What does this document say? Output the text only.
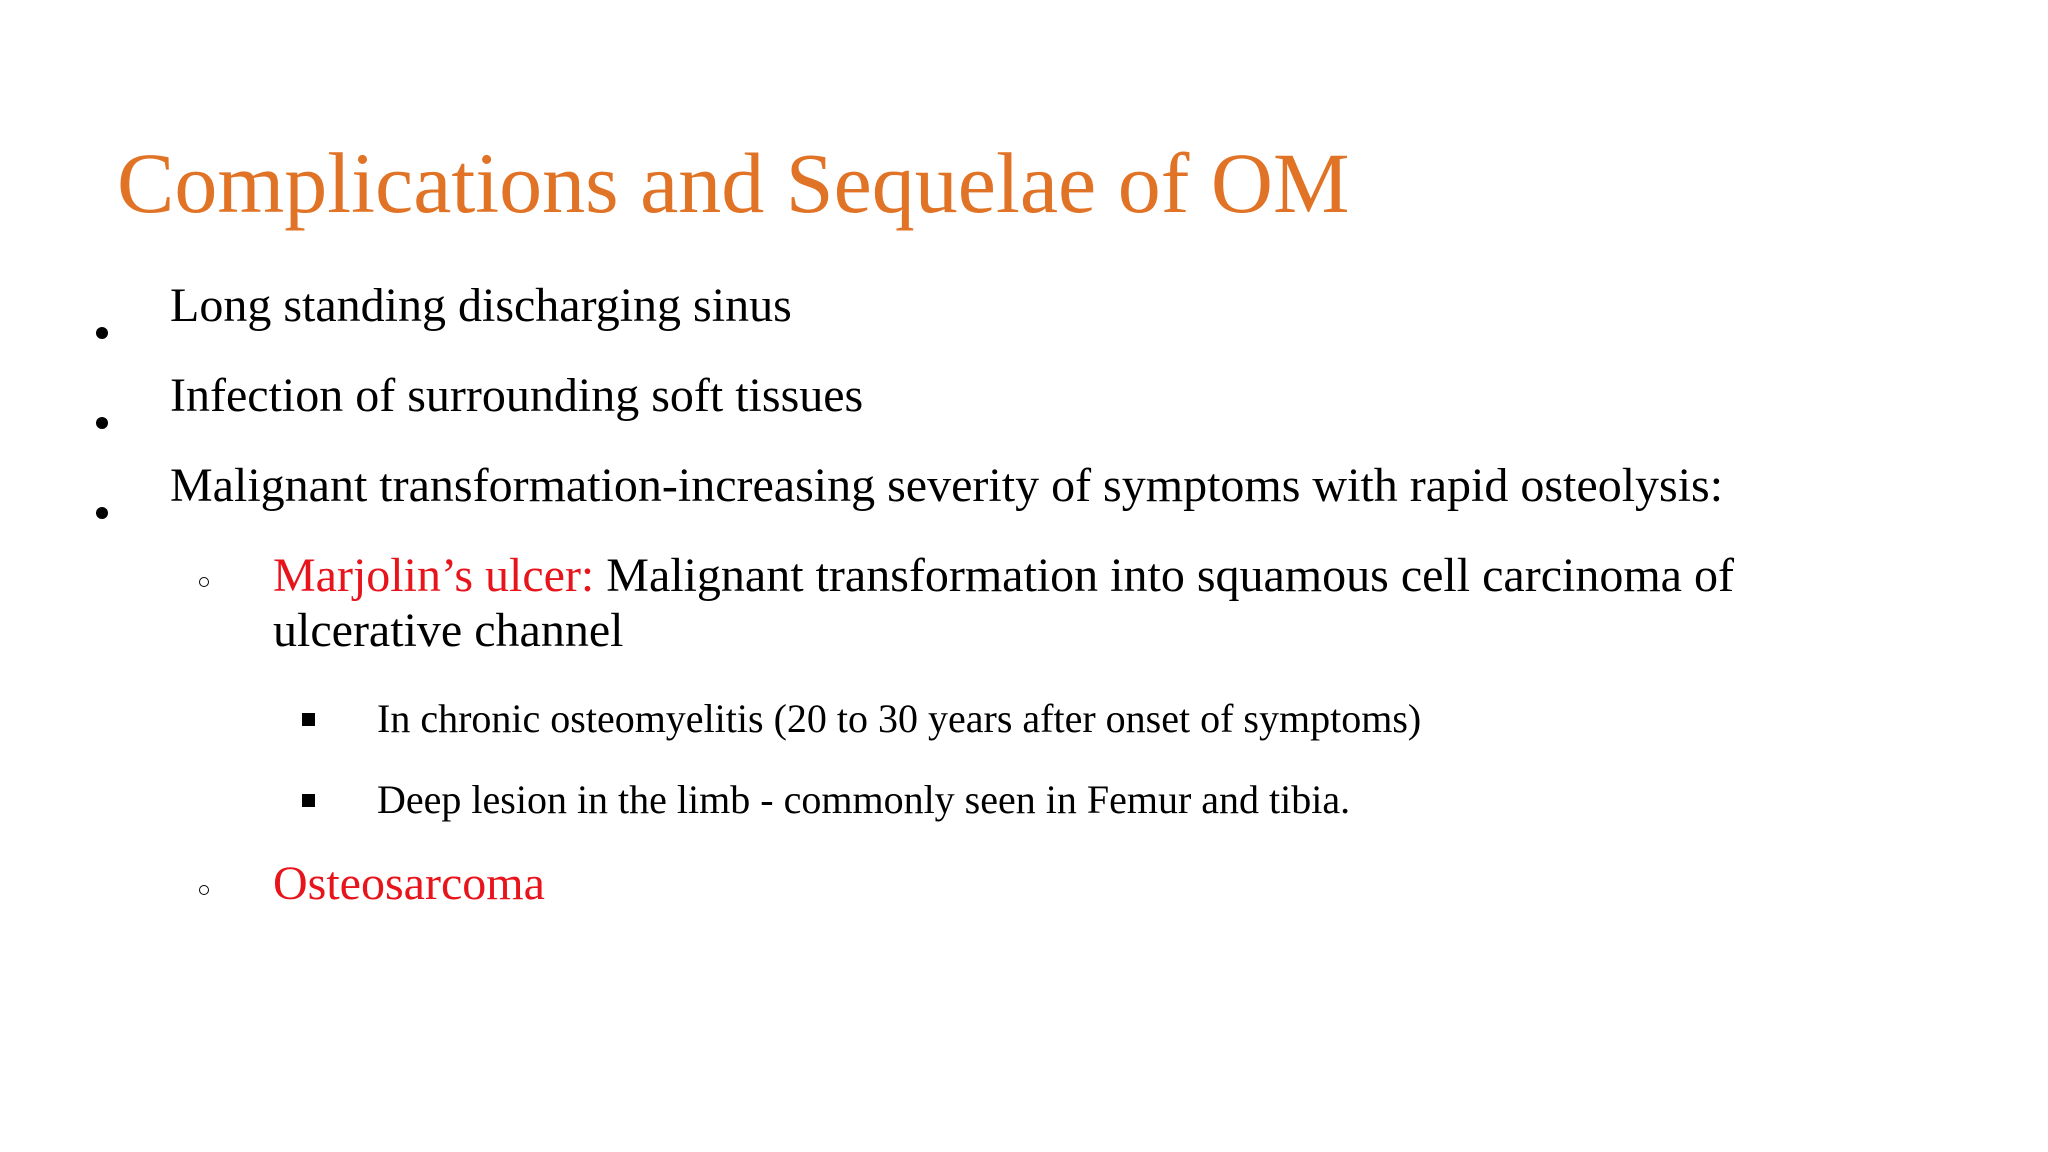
Complications and Sequelae of OM
Long standing discharging sinus
Infection of surrounding soft tissues
Malignant transformation-increasing severity of symptoms with rapid osteolysis:
Marjolin’s ulcer: Malignant transformation into squamous cell carcinoma of
ulcerative channel
In chronic osteomyelitis (20 to 30 years after onset of symptoms)
Deep lesion in the limb - commonly seen in Femur and tibia.
Osteosarcoma
